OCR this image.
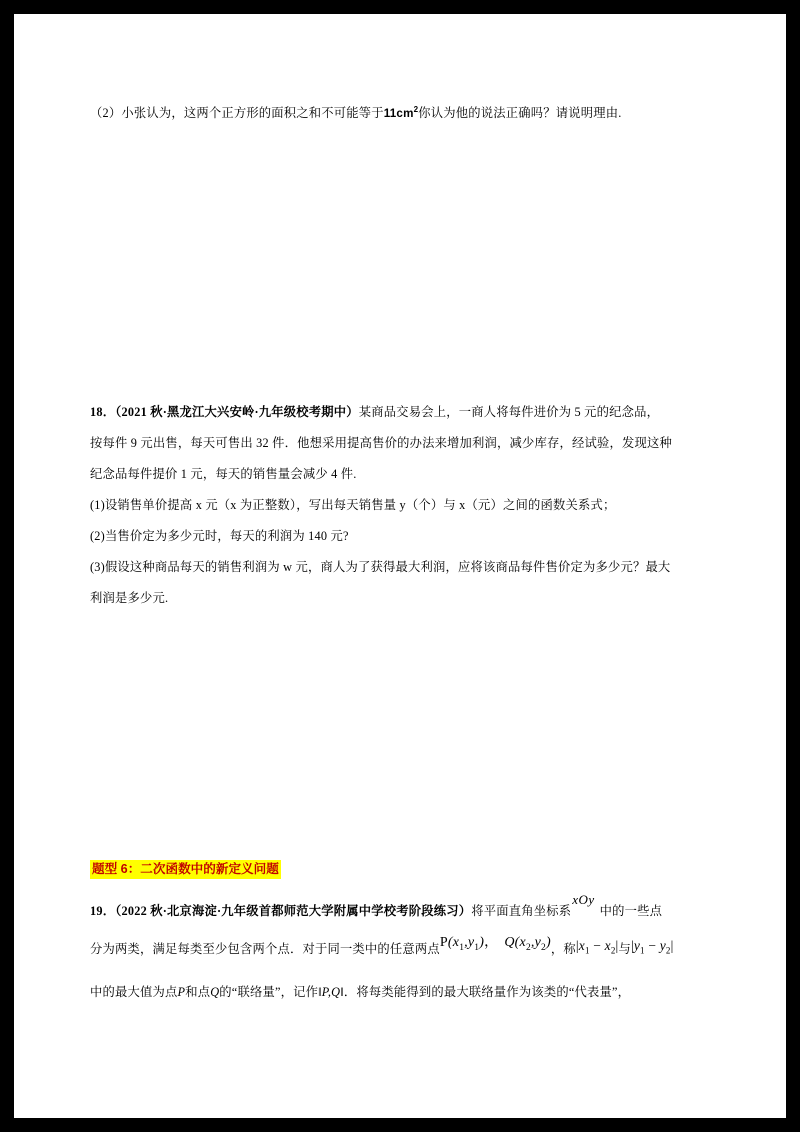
（2）小张认为，这两个正方形的面积之和不可能等于$11cm^2$你认为他的说法正确吗？请说明理由.
18．（2021 秋·黑龙江大兴安岭·九年级校考期中）某商品交易会上，一商人将每件进价为 5 元的纪念品，
按每件 9 元出售，每天可售出 32 件．他想采用提高售价的办法来增加利润，减少库存，经试验，发现这种
纪念品每件提价 1 元，每天的销售量会减少 4 件.
(1)设销售单价提高 x 元（x 为正整数），写出每天销售量 y（个）与 x（元）之间的函数关系式；
(2)当售价定为多少元时，每天的利润为 140 元?
(3)假设这种商品每天的销售利润为 w 元，商人为了获得最大利润，应将该商品每件售价定为多少元？最大
利润是多少元.
题型 6：二次函数中的新定义问题
19．（2022 秋·北京海淀·九年级首都师范大学附属中学校考阶段练习）将平面直角坐标系xOy中的一些点
分为两类，满足每类至少包含两个点．对于同一类中的任意两点$P(x_1,y_1)$， $Q(x_2,y_2)$，称$|x_1 - x_2|$与$|y_1 - y_2|$
中的最大值为点P和点Q的“联络量”，记作‖P,Q‖．将每类能得到的最大联络量作为该类的“代表量”，
